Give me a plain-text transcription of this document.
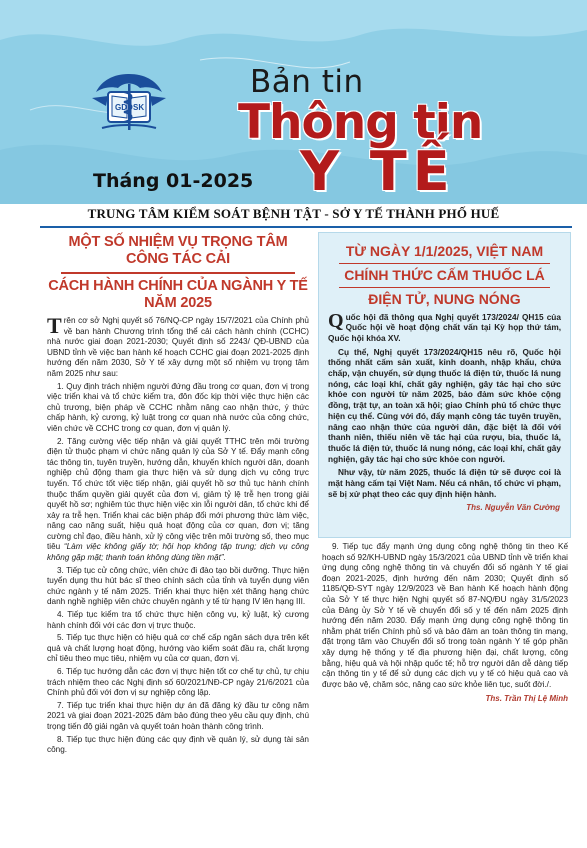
GD SK
Bản tin
Thông tin
Y TẾ
Tháng 01-2025
TRUNG TÂM KIỂM SOÁT BỆNH TẬT - SỞ Y TẾ THÀNH PHỐ HUẾ
MỘT SỐ NHIỆM VỤ TRỌNG TÂM CÔNG TÁC CẢI
CÁCH HÀNH CHÍNH CỦA NGÀNH Y TẾ NĂM 2025

Trên cơ sở Nghị quyết số 76/NQ-CP ngày 15/7/2021 của Chính phủ về ban hành Chương trình tổng thể cải cách hành chính (CCHC) nhà nước giai đoạn 2021-2030; Quyết định số 2243/ QĐ-UBND của UBND tỉnh về việc ban hành kế hoạch CCHC giai đoạn 2021-2025 định hướng đến năm 2030, Sở Y tế xây dựng một số nhiệm vụ trọng tâm năm 2025 như sau:

1. Quy định trách nhiệm người đứng đầu trong cơ quan, đơn vị trong việc triển khai và tổ chức kiểm tra, đôn đốc kịp thời việc thực hiện các chủ trương, biện pháp về CCHC nhằm nâng cao nhận thức, ý thức chấp hành, kỷ cương, kỷ luật trong cơ quan nhà nước của công chức, viên chức về CCHC trong cơ quan, đơn vị quản lý.

2. Tăng cường việc tiếp nhận và giải quyết TTHC trên môi trường điện tử thuộc phạm vi chức năng quản lý của Sở Y tế. Đẩy mạnh công tác thông tin, tuyên truyền, hướng dẫn, khuyến khích người dân, doanh nghiệp chủ động tham gia thực hiện và sử dụng dịch vụ công trực tuyến. Tổ chức tốt việc tiếp nhận, giải quyết hồ sơ thủ tục hành chính thuộc thẩm quyền giải quyết của đơn vị, giảm tỷ lệ trễ hẹn trong giải quyết hồ sơ; nghiêm túc thực hiện việc xin lỗi người dân, tổ chức khi để xảy ra trễ hẹn. Triển khai các biện pháp đổi mới phương thức làm việc, nâng cao năng suất, hiệu quả hoạt động của cơ quan, đơn vị; tăng cường chỉ đạo, điều hành, xử lý công việc trên môi trường số, theo mục tiêu “Làm việc không giấy tờ; hội họp không tập trung; dịch vụ công không gặp mặt; thanh toán không dùng tiền mặt”.

3. Tiếp tục cử công chức, viên chức đi đào tạo bồi dưỡng. Thực hiện tuyển dụng thu hút bác sĩ theo chính sách của tỉnh và tuyển dụng viên chức ngành y tế năm 2025. Triển khai thực hiện xét thăng hạng chức danh nghề nghiệp viên chức chuyên ngành y tế từ hạng IV lên hạng III.

4. Tiếp tục kiểm tra tổ chức thực hiện công vụ, kỷ luật, kỷ cương hành chính đối với các đơn vị trực thuộc.

5. Tiếp tục thực hiện có hiệu quả cơ chế cấp ngân sách dựa trên kết quả và chất lượng hoạt động, hướng vào kiểm soát đầu ra, chất lượng chỉ tiêu theo mục tiêu, nhiệm vụ của cơ quan, đơn vị.

6. Tiếp tục hướng dẫn các đơn vị thực hiện tốt cơ chế tự chủ, tự chịu trách nhiệm theo các Nghị định số 60/2021/NĐ-CP ngày 21/6/2021 của Chính phủ đối với đơn vị sự nghiệp công lập.

7. Tiếp tục triển khai thực hiện dự án đã đăng ký đầu tư công năm 2021 và giai đoạn 2021-2025 đảm bảo đúng theo yêu cầu quy định, chú trọng tiến độ giải ngân và quyết toán hoàn thành công trình.

8. Tiếp tục thực hiện đúng các quy định về quản lý, sử dụng tài sản công.

TỪ NGÀY 1/1/2025, VIỆT NAM
CHÍNH THỨC CẤM THUỐC LÁ
ĐIỆN TỬ, NUNG NÓNG

Quốc hội đã thông qua Nghị quyết 173/2024/ QH15 của Quốc hội về hoạt động chất vấn tại Kỳ họp thứ tám, Quốc hội khóa XV.

Cụ thể, Nghị quyết 173/2024/QH15 nêu rõ, Quốc hội thống nhất cấm sản xuất, kinh doanh, nhập khẩu, chứa chấp, vận chuyển, sử dụng thuốc lá điện tử, thuốc lá nung nóng, các loại khí, chất gây nghiện, gây tác hại cho sức khỏe con người từ năm 2025, bảo đảm sức khỏe cộng đồng, trật tự, an toàn xã hội; giao Chính phủ tổ chức thực hiện cụ thể. Cùng với đó, đẩy mạnh công tác tuyên truyền, nâng cao nhận thức của người dân, đặc biệt là đối với thanh niên, thiếu niên về tác hại của rượu, bia, thuốc lá, thuốc lá điện tử, thuốc lá nung nóng, các loại khí, chất gây nghiện, gây tác hại cho sức khỏe con người.

Như vậy, từ năm 2025, thuốc lá điện tử sẽ được coi là mặt hàng cấm tại Việt Nam. Nếu cá nhân, tổ chức vi phạm, sẽ bị xử phạt theo các quy định hiện hành.

Ths. Nguyễn Văn Cường

9. Tiếp tục đẩy mạnh ứng dụng công nghệ thông tin theo Kế hoạch số 92/KH-UBND ngày 15/3/2021 của UBND tỉnh về triển khai ứng dụng công nghệ thông tin và chuyển đổi số ngành Y tế giai đoạn 2021-2025, định hướng đến năm 2030; Quyết định số 1185/QĐ-SYT ngày 12/9/2023 về Ban hành Kế hoạch hành động của Sở Y tế thực hiện Nghị quyết số 87-NQ/ĐU ngày 31/5/2023 của Đảng ủy Sở Y tế về chuyển đổi số y tế đến năm 2025 định hướng đến năm 2030. Đẩy mạnh ứng dụng công nghệ thông tin nhằm phát triển Chính phủ số và bảo đảm an toàn thông tin mạng, đặt trọng tâm vào Chuyển đổi số trong toàn ngành Y tế góp phần xây dựng hệ thống y tế địa phương hiện đại, chất lượng, công bằng, hiệu quả và hội nhập quốc tế; hỗ trợ người dân dễ dàng tiếp cận thông tin y tế để sử dụng các dịch vụ y tế có hiệu quả cao và được bảo vệ, chăm sóc, nâng cao sức khỏe liên tục, suốt đời./.

Ths. Trần Thị Lệ Minh
